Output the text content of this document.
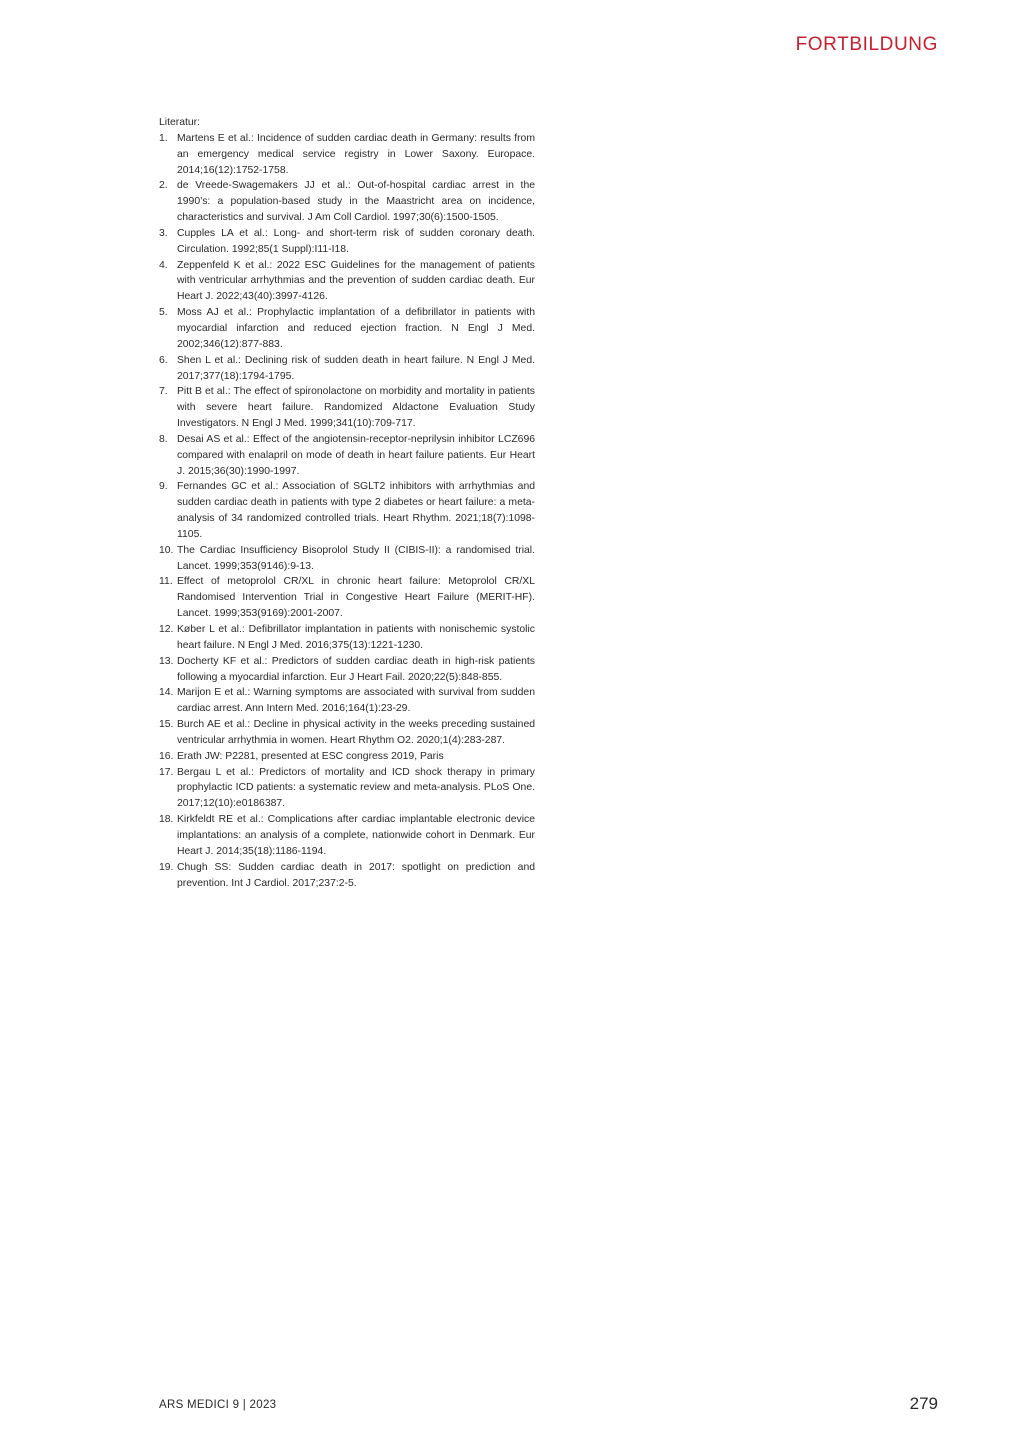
FORTBILDUNG

Literatur:

1. Martens E et al.: Incidence of sudden cardiac death in Germany: results from an emergency medical service registry in Lower Saxony. Europace. 2014;16(12):1752-1758.
2. de Vreede-Swagemakers JJ et al.: Out-of-hospital cardiac arrest in the 1990’s: a population-based study in the Maastricht area on incidence, characteristics and survival. J Am Coll Cardiol. 1997;30(6):1500-1505.
3. Cupples LA et al.: Long- and short-term risk of sudden coronary death. Circulation. 1992;85(1 Suppl):I11-I18.
4. Zeppenfeld K et al.: 2022 ESC Guidelines for the management of patients with ventricular arrhythmias and the prevention of sudden cardiac death. Eur Heart J. 2022;43(40):3997-4126.
5. Moss AJ et al.: Prophylactic implantation of a defibrillator in patients with myocardial infarction and reduced ejection fraction. N Engl J Med. 2002;346(12):877-883.
6. Shen L et al.: Declining risk of sudden death in heart failure. N Engl J Med. 2017;377(18):1794-1795.
7. Pitt B et al.: The effect of spironolactone on morbidity and mortality in patients with severe heart failure. Randomized Aldactone Evaluation Study Investigators. N Engl J Med. 1999;341(10):709-717.
8. Desai AS et al.: Effect of the angiotensin-receptor-neprilysin inhibitor LCZ696 compared with enalapril on mode of death in heart failure patients. Eur Heart J. 2015;36(30):1990-1997.
9. Fernandes GC et al.: Association of SGLT2 inhibitors with arrhythmias and sudden cardiac death in patients with type 2 diabetes or heart failure: a meta-analysis of 34 randomized controlled trials. Heart Rhythm. 2021;18(7):1098-1105.
10. The Cardiac Insufficiency Bisoprolol Study II (CIBIS-II): a randomised trial. Lancet. 1999;353(9146):9-13.
11. Effect of metoprolol CR/XL in chronic heart failure: Metoprolol CR/XL Randomised Intervention Trial in Congestive Heart Failure (MERIT-HF). Lancet. 1999;353(9169):2001-2007.
12. Køber L et al.: Defibrillator implantation in patients with nonischemic systolic heart failure. N Engl J Med. 2016;375(13):1221-1230.
13. Docherty KF et al.: Predictors of sudden cardiac death in high-risk patients following a myocardial infarction. Eur J Heart Fail. 2020;22(5):848-855.
14. Marijon E et al.: Warning symptoms are associated with survival from sudden cardiac arrest. Ann Intern Med. 2016;164(1):23-29.
15. Burch AE et al.: Decline in physical activity in the weeks preceding sustained ventricular arrhythmia in women. Heart Rhythm O2. 2020;1(4):283-287.
16. Erath JW: P2281, presented at ESC congress 2019, Paris
17. Bergau L et al.: Predictors of mortality and ICD shock therapy in primary prophylactic ICD patients: a systematic review and meta-analysis. PLoS One. 2017;12(10):e0186387.
18. Kirkfeldt RE et al.: Complications after cardiac implantable electronic device implantations: an analysis of a complete, nationwide cohort in Denmark. Eur Heart J. 2014;35(18):1186-1194.
19. Chugh SS: Sudden cardiac death in 2017: spotlight on prediction and prevention. Int J Cardiol. 2017;237:2-5.
ARS MEDICI 9 | 2023	279
